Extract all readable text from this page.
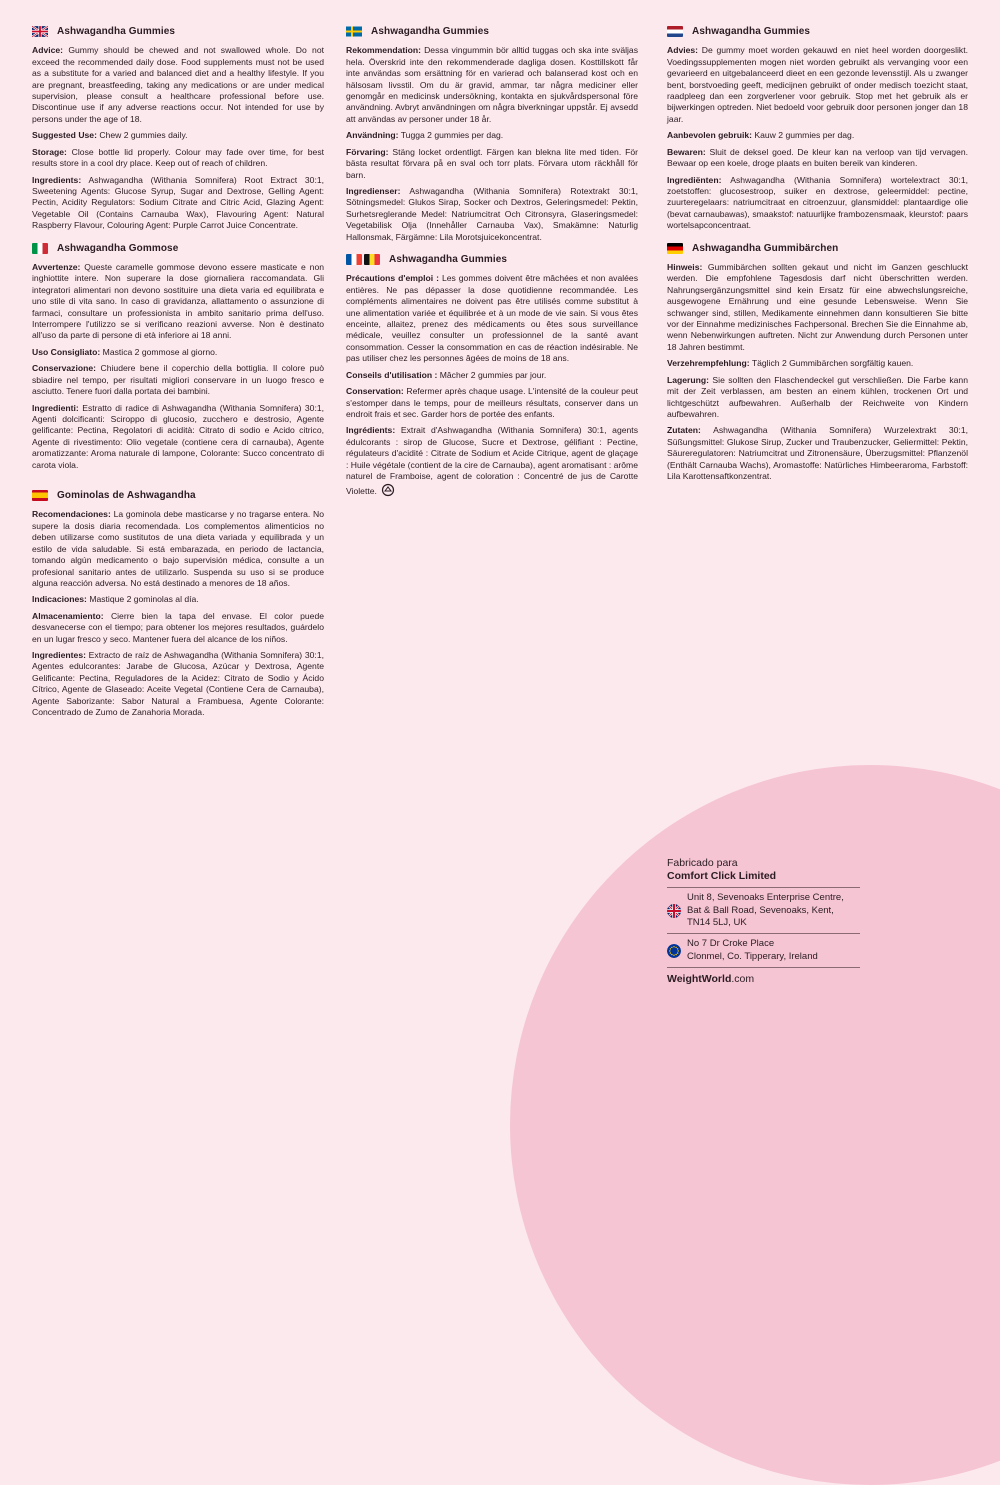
Ashwagandha Gummies

Advice: Gummy should be chewed and not swallowed whole. Do not exceed the recommended daily dose. Food supplements must not be used as a substitute for a varied and balanced diet and a healthy lifestyle. If you are pregnant, breastfeeding, taking any medications or are under medical supervision, please consult a healthcare professional before use. Discontinue use if any adverse reactions occur. Not intended for use by persons under the age of 18.

Suggested Use: Chew 2 gummies daily.

Storage: Close bottle lid properly. Colour may fade over time, for best results store in a cool dry place. Keep out of reach of children.

Ingredients: Ashwagandha (Withania Somnifera) Root Extract 30:1, Sweetening Agents: Glucose Syrup, Sugar and Dextrose, Gelling Agent: Pectin, Acidity Regulators: Sodium Citrate and Citric Acid, Glazing Agent: Vegetable Oil (Contains Carnauba Wax), Flavouring Agent: Natural Raspberry Flavour, Colouring Agent: Purple Carrot Juice Concentrate.

Ashwagandha Gommose

Avvertenze: Queste caramelle gommose devono essere masticate e non inghiottite intere. Non superare la dose giornaliera raccomandata. Gli integratori alimentari non devono sostituire una dieta varia ed equilibrata e uno stile di vita sano. In caso di gravidanza, allattamento o assunzione di farmaci, consultare un professionista in ambito sanitario prima dell'uso. Interrompere l'utilizzo se si verificano reazioni avverse. Non è destinato all'uso da parte di persone di età inferiore ai 18 anni.

Uso Consigliato: Mastica 2 gommose al giorno.

Conservazione: Chiudere bene il coperchio della bottiglia. Il colore può sbiadire nel tempo, per risultati migliori conservare in un luogo fresco e asciutto. Tenere fuori dalla portata dei bambini.

Ingredienti: Estratto di radice di Ashwagandha (Withania Somnifera) 30:1, Agenti dolcificanti: Sciroppo di glucosio, zucchero e destrosio, Agente gelificante: Pectina, Regolatori di acidità: Citrato di sodio e Acido citrico, Agente di rivestimento: Olio vegetale (contiene cera di carnauba), Agente aromatizzante: Aroma naturale di lampone, Colorante: Succo concentrato di carota viola.

Gominolas de Ashwagandha

Recomendaciones: La gominola debe masticarse y no tragarse entera. No supere la dosis diaria recomendada. Los complementos alimenticios no deben utilizarse como sustitutos de una dieta variada y equilibrada y un estilo de vida saludable. Si está embarazada, en periodo de lactancia, tomando algún medicamento o bajo supervisión médica, consulte a un profesional sanitario antes de utilizarlo. Suspenda su uso si se produce alguna reacción adversa. No está destinado a menores de 18 años.

Indicaciones: Mastique 2 gominolas al día.

Almacenamiento: Cierre bien la tapa del envase. El color puede desvanecerse con el tiempo; para obtener los mejores resultados, guárdelo en un lugar fresco y seco. Mantener fuera del alcance de los niños.

Ingredientes: Extracto de raíz de Ashwagandha (Withania Somnifera) 30:1, Agentes edulcorantes: Jarabe de Glucosa, Azúcar y Dextrosa, Agente Gelificante: Pectina, Reguladores de la Acidez: Citrato de Sodio y Ácido Cítrico, Agente de Glaseado: Aceite Vegetal (Contiene Cera de Carnauba), Agente Saborizante: Sabor Natural a Frambuesa, Agente Colorante: Concentrado de Zumo de Zanahoria Morada.

Ashwagandha Gummies

Rekommendation: Dessa vingummin bör alltid tuggas och ska inte sväljas hela. Överskrid inte den rekommenderade dagliga dosen. Kosttillskott får inte användas som ersättning för en varierad och balanserad kost och en hälsosam livsstil. Om du är gravid, ammar, tar några mediciner eller genomgår en medicinsk undersökning, kontakta en sjukvårdspersonal före användning. Avbryt användningen om några biverkningar uppstår. Ej avsedd att användas av personer under 18 år.

Användning: Tugga 2 gummies per dag.

Förvaring: Stäng locket ordentligt. Färgen kan blekna lite med tiden. För bästa resultat förvara på en sval och torr plats. Förvara utom räckhåll för barn.

Ingredienser: Ashwagandha (Withania Somnifera) Rotextrakt 30:1, Sötningsmedel: Glukos Sirap, Socker och Dextros, Geleringsmedel: Pektin, Surhetsreglerande Medel: Natriumcitrat Och Citronsyra, Glaseringsmedel: Vegetabilisk Olja (Innehåller Carnauba Vax), Smakämne: Naturlig Hallonsmak, Färgämne: Lila Morotsjuicekoncentrat.

Ashwagandha Gummies

Précautions d'emploi : Les gommes doivent être mâchées et non avalées entières. Ne pas dépasser la dose quotidienne recommandée. Les compléments alimentaires ne doivent pas être utilisés comme substitut à une alimentation variée et équilibrée et à un mode de vie sain. Si vous êtes enceinte, allaitez, prenez des médicaments ou êtes sous surveillance médicale, veuillez consulter un professionnel de la santé avant consommation. Cesser la consommation en cas de réaction indésirable. Ne pas utiliser chez les personnes âgées de moins de 18 ans.

Conseils d'utilisation : Mâcher 2 gummies par jour.

Conservation: Refermer après chaque usage. L'intensité de la couleur peut s'estomper dans le temps, pour de meilleurs résultats, conserver dans un endroit frais et sec. Garder hors de portée des enfants.

Ingrédients: Extrait d'Ashwagandha (Withania Somnifera) 30:1, agents édulcorants : sirop de Glucose, Sucre et Dextrose, gélifiant : Pectine, régulateurs d'acidité : Citrate de Sodium et Acide Citrique, agent de glaçage : Huile végétale (contient de la cire de Carnauba), agent aromatisant : arôme naturel de Framboise, agent de coloration : Concentré de jus de Carotte Violette.

Ashwagandha Gummies

Advies: De gummy moet worden gekauwd en niet heel worden doorgeslikt. Voedingssupplementen mogen niet worden gebruikt als vervanging voor een gevarieerd en uitgebalanceerd dieet en een gezonde levensstijl. Als u zwanger bent, borstvoeding geeft, medicijnen gebruikt of onder medisch toezicht staat, raadpleeg dan een zorgverlener voor gebruik. Stop met het gebruik als er bijwerkingen optreden. Niet bedoeld voor gebruik door personen jonger dan 18 jaar.

Aanbevolen gebruik: Kauw 2 gummies per dag.

Bewaren: Sluit de deksel goed. De kleur kan na verloop van tijd vervagen. Bewaar op een koele, droge plaats en buiten bereik van kinderen.

Ingrediënten: Ashwagandha (Withania Somnifera) wortelextract 30:1, zoetstoffen: glucosestroop, suiker en dextrose, geleermiddel: pectine, zuurteregelaars: natriumcitraat en citroenzuur, glansmiddel: plantaardige olie (bevat carnaubawas), smaakstof: natuurlijke frambozensmaak, kleurstof: paars wortelsapconcentraat.

Ashwagandha Gummibärchen

Hinweis: Gummibärchen sollten gekaut und nicht im Ganzen geschluckt werden. Die empfohlene Tagesdosis darf nicht überschritten werden. Nahrungsergänzungsmittel sind kein Ersatz für eine abwechslungsreiche, ausgewogene Ernährung und eine gesunde Lebensweise. Wenn Sie schwanger sind, stillen, Medikamente einnehmen dann konsultieren Sie bitte vor der Einnahme medizinisches Fachpersonal. Brechen Sie die Einnahme ab, wenn Nebenwirkungen auftreten. Nicht zur Anwendung durch Personen unter 18 Jahren bestimmt.

Verzehrempfehlung: Täglich 2 Gummibärchen sorgfältig kauen.

Lagerung: Sie sollten den Flaschendeckel gut verschließen. Die Farbe kann mit der Zeit verblassen, am besten an einem kühlen, trockenen Ort und lichtgeschützt aufbewahren. Außerhalb der Reichweite von Kindern aufbewahren.

Zutaten: Ashwagandha (Withania Somnifera) Wurzelextrakt 30:1, Süßungsmittel: Glukose Sirup, Zucker und Traubenzucker, Geliermittel: Pektin, Säureregulatoren: Natriumcitrat und Zitronensäure, Überzugsmittel: Pflanzenöl (Enthält Carnauba Wachs), Aromastoffe: Natürliches Himbeeraroma, Farbstoff: Lila Karottensaftkonzentrat.

Fabricado para
Comfort Click Limited
Unit 8, Sevenoaks Enterprise Centre,
Bat & Ball Road, Sevenoaks, Kent,
TN14 5LJ, UK
No 7 Dr Croke Place
Clonmel, Co. Tipperary, Ireland
WeightWorld.com
